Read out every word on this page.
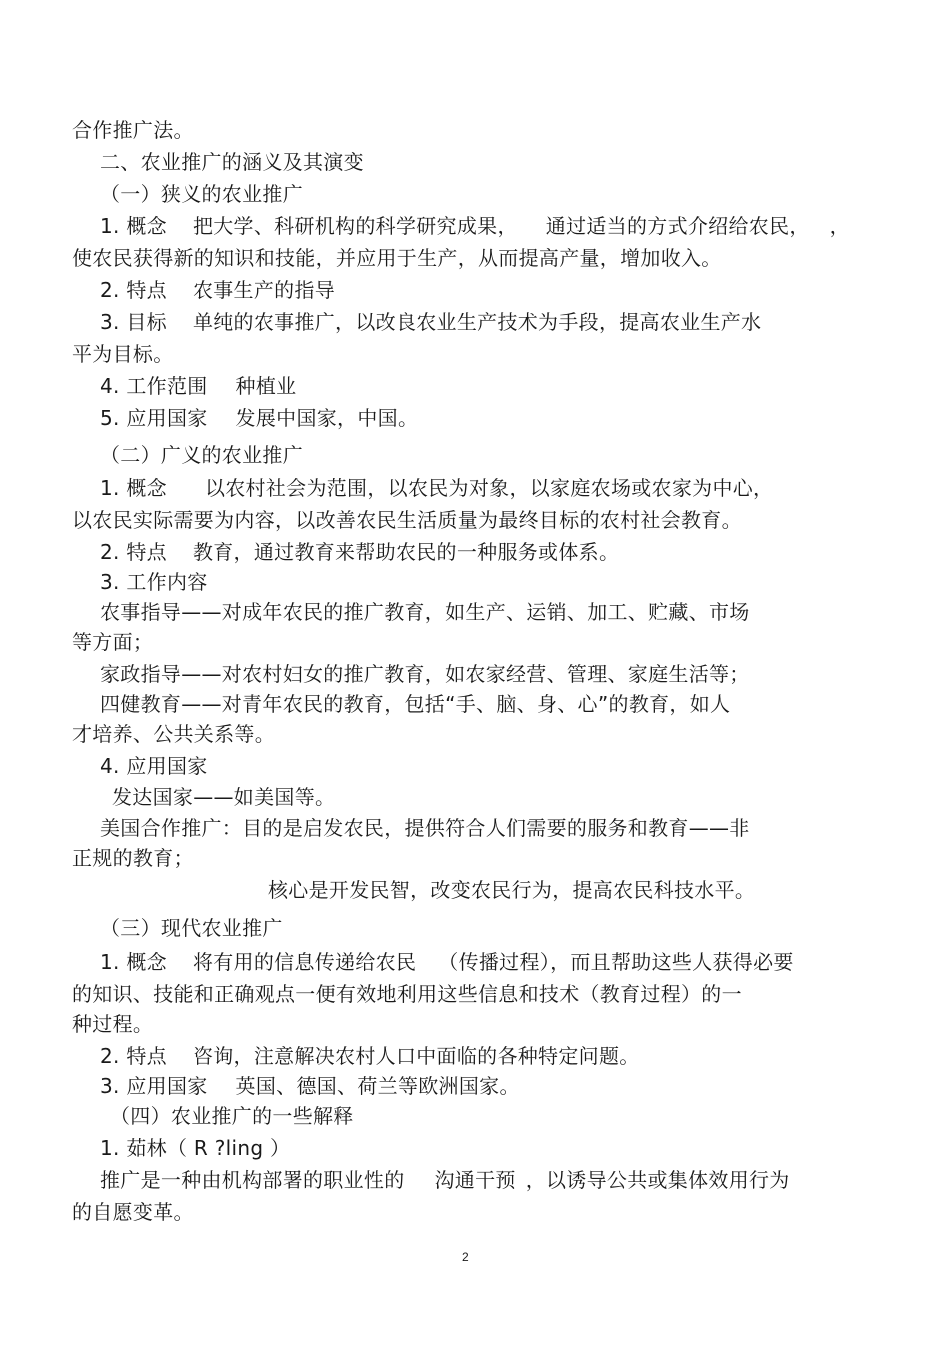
合作推广法。
二、农业推广的涵义及其演变
（一）狭义的农业推广
1. 概念 把大学、科研机构的科学研究成果， 通过适当的方式介绍给农民， ，
使农民获得新的知识和技能，并应用于生产，从而提高产量，增加收入。
2. 特点 农事生产的指导
3. 目标 单纯的农事推广，以改良农业生产技术为手段，提高农业生产水
平为目标。
4. 工作范围 种植业
5. 应用国家 发展中国家，中国。
（二）广义的农业推广
1. 概念 以农村社会为范围，以农民为对象，以家庭农场或农家为中心，
以农民实际需要为内容，以改善农民生活质量为最终目标的农村社会教育。
2. 特点 教育，通过教育来帮助农民的一种服务或体系。
3. 工作内容
农事指导——对成年农民的推广教育，如生产、运销、加工、贮藏、市场
等方面；
家政指导——对农村妇女的推广教育，如农家经营、管理、家庭生活等；
四健教育——对青年农民的教育，包括“手、脑、身、心”的教育，如人
才培养、公共关系等。
4. 应用国家
发达国家——如美国等。
美国合作推广：目的是启发农民，提供符合人们需要的服务和教育——非
正规的教育；
核心是开发民智，改变农民行为，提高农民科技水平。
（三）现代农业推广
1. 概念 将有用的信息传递给农民 （传播过程），而且帮助这些人获得必要
的知识、技能和正确观点一便有效地利用这些信息和技术（教育过程）的一
种过程。
2. 特点 咨询，注意解决农村人口中面临的各种特定问题。
3. 应用国家 英国、德国、荷兰等欧洲国家。
（四）农业推广的一些解释
1. 茹林（ R ?ling ）
推广是一种由机构部署的职业性的 沟通干预 ，以诱导公共或集体效用行为
的自愿变革。
2
